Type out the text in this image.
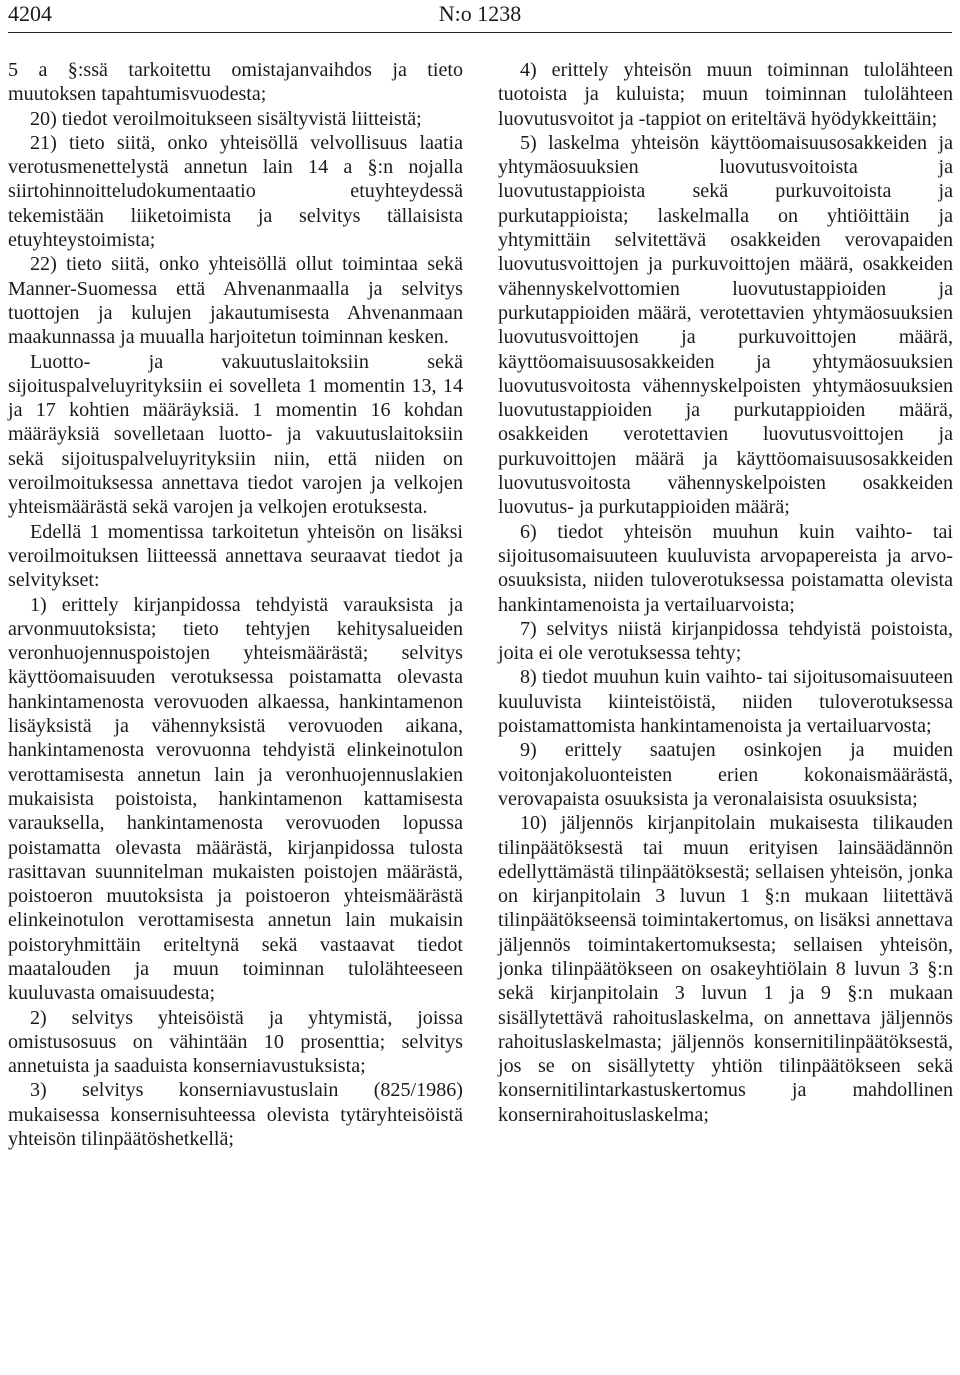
4204	N:o 1238

5 a §:ssä tarkoitettu omistajanvaihdos ja tieto muutoksen tapahtumisvuodesta;

20) tiedot veroilmoitukseen sisältyvistä liitteistä;

21) tieto siitä, onko yhteisöllä velvollisuus laatia verotusmenettelystä annetun lain 14 a §:n nojalla siirtohinnoitteludokumentaatio etuyhteydessä tekemistään liiketoimista ja selvitys tällaisista etuyhteystoimista;

22) tieto siitä, onko yhteisöllä ollut toimintaa sekä Manner-Suomessa että Ahvenanmaalla ja selvitys tuottojen ja kulujen jakautumisesta Ahvenanmaan maakunnassa ja muualla harjoitetun toiminnan kesken.

Luotto- ja vakuutuslaitoksiin sekä sijoituspalveluyrityksiin ei sovelleta 1 momentin 13, 14 ja 17 kohtien määräyksiä. 1 momentin 16 kohdan määräyksiä sovelletaan luotto- ja vakuutuslaitoksiin sekä sijoituspalveluyrityksiin niin, että niiden on veroilmoituksessa annettava tiedot varojen ja velkojen yhteismäärästä sekä varojen ja velkojen erotuksesta.

Edellä 1 momentissa tarkoitetun yhteisön on lisäksi veroilmoituksen liitteessä annettava seuraavat tiedot ja selvitykset:

1) erittely kirjanpidossa tehdyistä varauksista ja arvonmuutoksista; tieto tehtyjen kehitysalueiden veronhuojennuspoistojen yhteismäärästä; selvitys käyttöomaisuuden verotuksessa poistamatta olevasta hankintamenosta verovuoden alkaessa, hankintamenon lisäyksistä ja vähennyksistä verovuoden aikana, hankintamenosta verovuonna tehdyistä elinkeinotulon verottamisesta annetun lain ja veronhuojennuslakien mukaisista poistoista, hankintamenon kattamisesta varauksella, hankintamenosta verovuoden lopussa poistamatta olevasta määrästä, kirjanpidossa tulosta rasittavan suunnitelman mukaisten poistojen määrästä, poistoeron muutoksista ja poistoeron yhteismäärästä elinkeinotulon verottamisesta annetun lain mukaisin poistoryhmittäin eriteltynä sekä vastaavat tiedot maatalouden ja muun toiminnan tulolähteeseen kuuluvasta omaisuudesta;

2) selvitys yhteisöistä ja yhtymistä, joissa omistusosuus on vähintään 10 prosenttia; selvitys annetuista ja saaduista konserniavustuksista;

3) selvitys konserniavustuslain (825/1986) mukaisessa konsernisuhteessa olevista tytäryhteisöistä yhteisön tilinpäätöshetkellä;

4) erittely yhteisön muun toiminnan tulolähteen tuotoista ja kuluista; muun toiminnan tulolähteen luovutusvoitot ja -tappiot on eriteltävä hyödykkeittäin;

5) laskelma yhteisön käyttöomaisuusosakkeiden ja yhtymäosuuksien luovutusvoitoista ja luovutustappioista sekä purkuvoitoista ja purkutappioista; laskelmalla on yhtiöittäin ja yhtymittäin selvitettävä osakkeiden verovapaiden luovutusvoittojen ja purkuvoittojen määrä, osakkeiden vähennyskelvottomien luovutustappioiden ja purkutappioiden määrä, verotettavien yhtymäosuuksien luovutusvoittojen ja purkuvoittojen määrä, käyttöomaisuusosakkeiden ja yhtymäosuuksien luovutusvoitosta vähennyskelpoisten yhtymäosuuksien luovutustappioiden ja purkutappioiden määrä, osakkeiden verotettavien luovutusvoittojen ja purkuvoittojen määrä ja käyttöomaisuusosakkeiden luovutusvoitosta vähennyskelpoisten osakkeiden luovutus- ja purkutappioiden määrä;

6) tiedot yhteisön muuhun kuin vaihto- tai sijoitusomaisuuteen kuuluvista arvopapereista ja arvo-osuuksista, niiden tuloverotuksessa poistamatta olevista hankintamenoista ja vertailuarvoista;

7) selvitys niistä kirjanpidossa tehdyistä poistoista, joita ei ole verotuksessa tehty;

8) tiedot muuhun kuin vaihto- tai sijoitusomaisuuteen kuuluvista kiinteistöistä, niiden tuloverotuksessa poistamattomista hankintamenoista ja vertailuarvosta;

9) erittely saatujen osinkojen ja muiden voitonjakoluonteisten erien kokonaismäärästä, verovapaista osuuksista ja veronalaisista osuuksista;

10) jäljennös kirjanpitolain mukaisesta tilikauden tilinpäätöksestä tai muun erityisen lainsäädännön edellyttämästä tilinpäätöksestä; sellaisen yhteisön, jonka on kirjanpitolain 3 luvun 1 §:n mukaan liitettävä tilinpäätökseensä toimintakertomus, on lisäksi annettava jäljennös toimintakertomuksesta; sellaisen yhteisön, jonka tilinpäätökseen on osakeyhtiölain 8 luvun 3 §:n sekä kirjanpitolain 3 luvun 1 ja 9 §:n mukaan sisällytettävä rahoituslaskelma, on annettava jäljennös rahoituslaskelmasta; jäljennös konsernitilinpäätöksestä, jos se on sisällytetty yhtiön tilinpäätökseen sekä konsernitilintarkastuskertomus ja mahdollinen konsernirahoituslaskelma;
